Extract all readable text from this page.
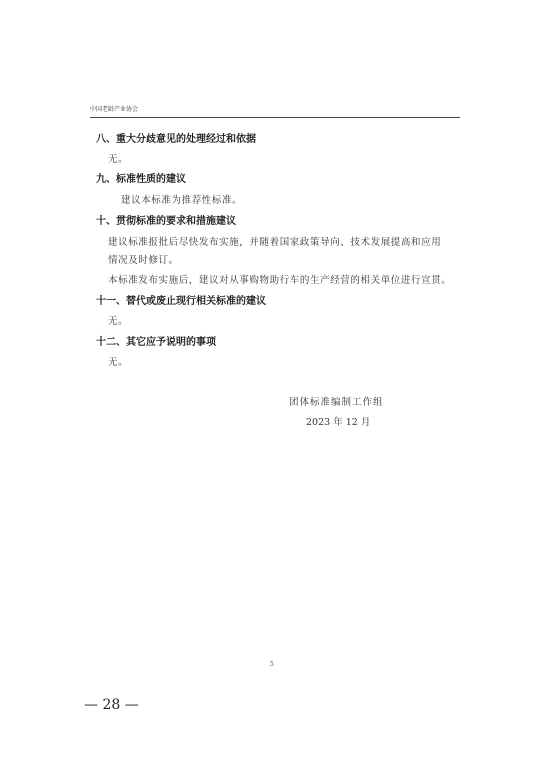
中国老龄产业协会
八、重大分歧意见的处理经过和依据
无。
九、标准性质的建议
建议本标准为推荐性标准。
十、贯彻标准的要求和措施建议
建议标准报批后尽快发布实施，并随着国家政策导向、技术发展提高和应用
情况及时修订。
本标准发布实施后，建议对从事购物助行车的生产经营的相关单位进行宣贯。
十一、替代或废止现行相关标准的建议
无。
十二、其它应予说明的事项
无。
团体标准编制工作组
2023 年 12 月
5
— 28 —
